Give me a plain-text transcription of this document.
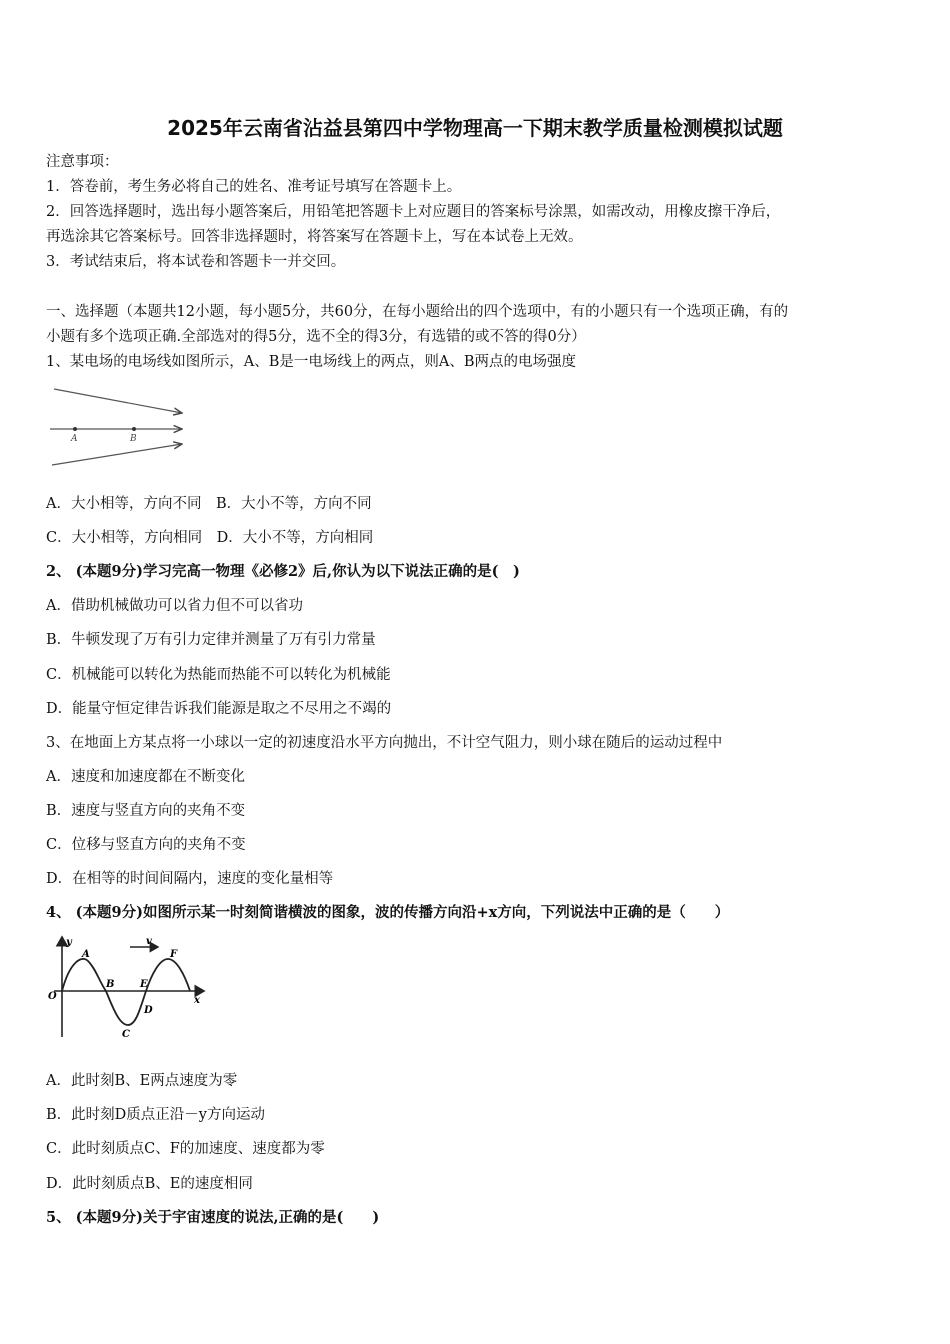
2025年云南省沾益县第四中学物理高一下期末教学质量检测模拟试题
注意事项：
1．答卷前，考生务必将自己的姓名、准考证号填写在答题卡上。
2．回答选择题时，选出每小题答案后，用铅笔把答题卡上对应题目的答案标号涂黑，如需改动，用橡皮擦干净后，
再选涂其它答案标号。回答非选择题时，将答案写在答题卡上，写在本试卷上无效。
3．考试结束后，将本试卷和答题卡一并交回。
一、选择题（本题共12小题，每小题5分，共60分，在每小题给出的四个选项中，有的小题只有一个选项正确，有的
小题有多个选项正确.全部选对的得5分，选不全的得3分，有选错的或不答的得0分）
1、某电场的电场线如图所示，A、B是一电场线上的两点，则A、B两点的电场强度
A	B
A．大小相等，方向不同　B．大小不等，方向不同
C．大小相等，方向相同　D．大小不等，方向相同
2、 (本题9分)学习完高一物理《必修2》后,你认为以下说法正确的是(　)
A．借助机械做功可以省力但不可以省功
B．牛顿发现了万有引力定律并测量了万有引力常量
C．机械能可以转化为热能而热能不可以转化为机械能
D．能量守恒定律告诉我们能源是取之不尽用之不竭的
3、在地面上方某点将一小球以一定的初速度沿水平方向抛出，不计空气阻力，则小球在随后的运动过程中
A．速度和加速度都在不断变化
B．速度与竖直方向的夹角不变
C．位移与竖直方向的夹角不变
D．在相等的时间间隔内，速度的变化量相等
4、 (本题9分)如图所示某一时刻简谐横波的图象，波的传播方向沿+x方向，下列说法中正确的是（　　）
v
y
x
O
A
B
C
D
E
F
A．此时刻B、E两点速度为零
B．此时刻D质点正沿－y方向运动
C．此时刻质点C、F的加速度、速度都为零
D．此时刻质点B、E的速度相同
5、 (本题9分)关于宇宙速度的说法,正确的是(　　)
